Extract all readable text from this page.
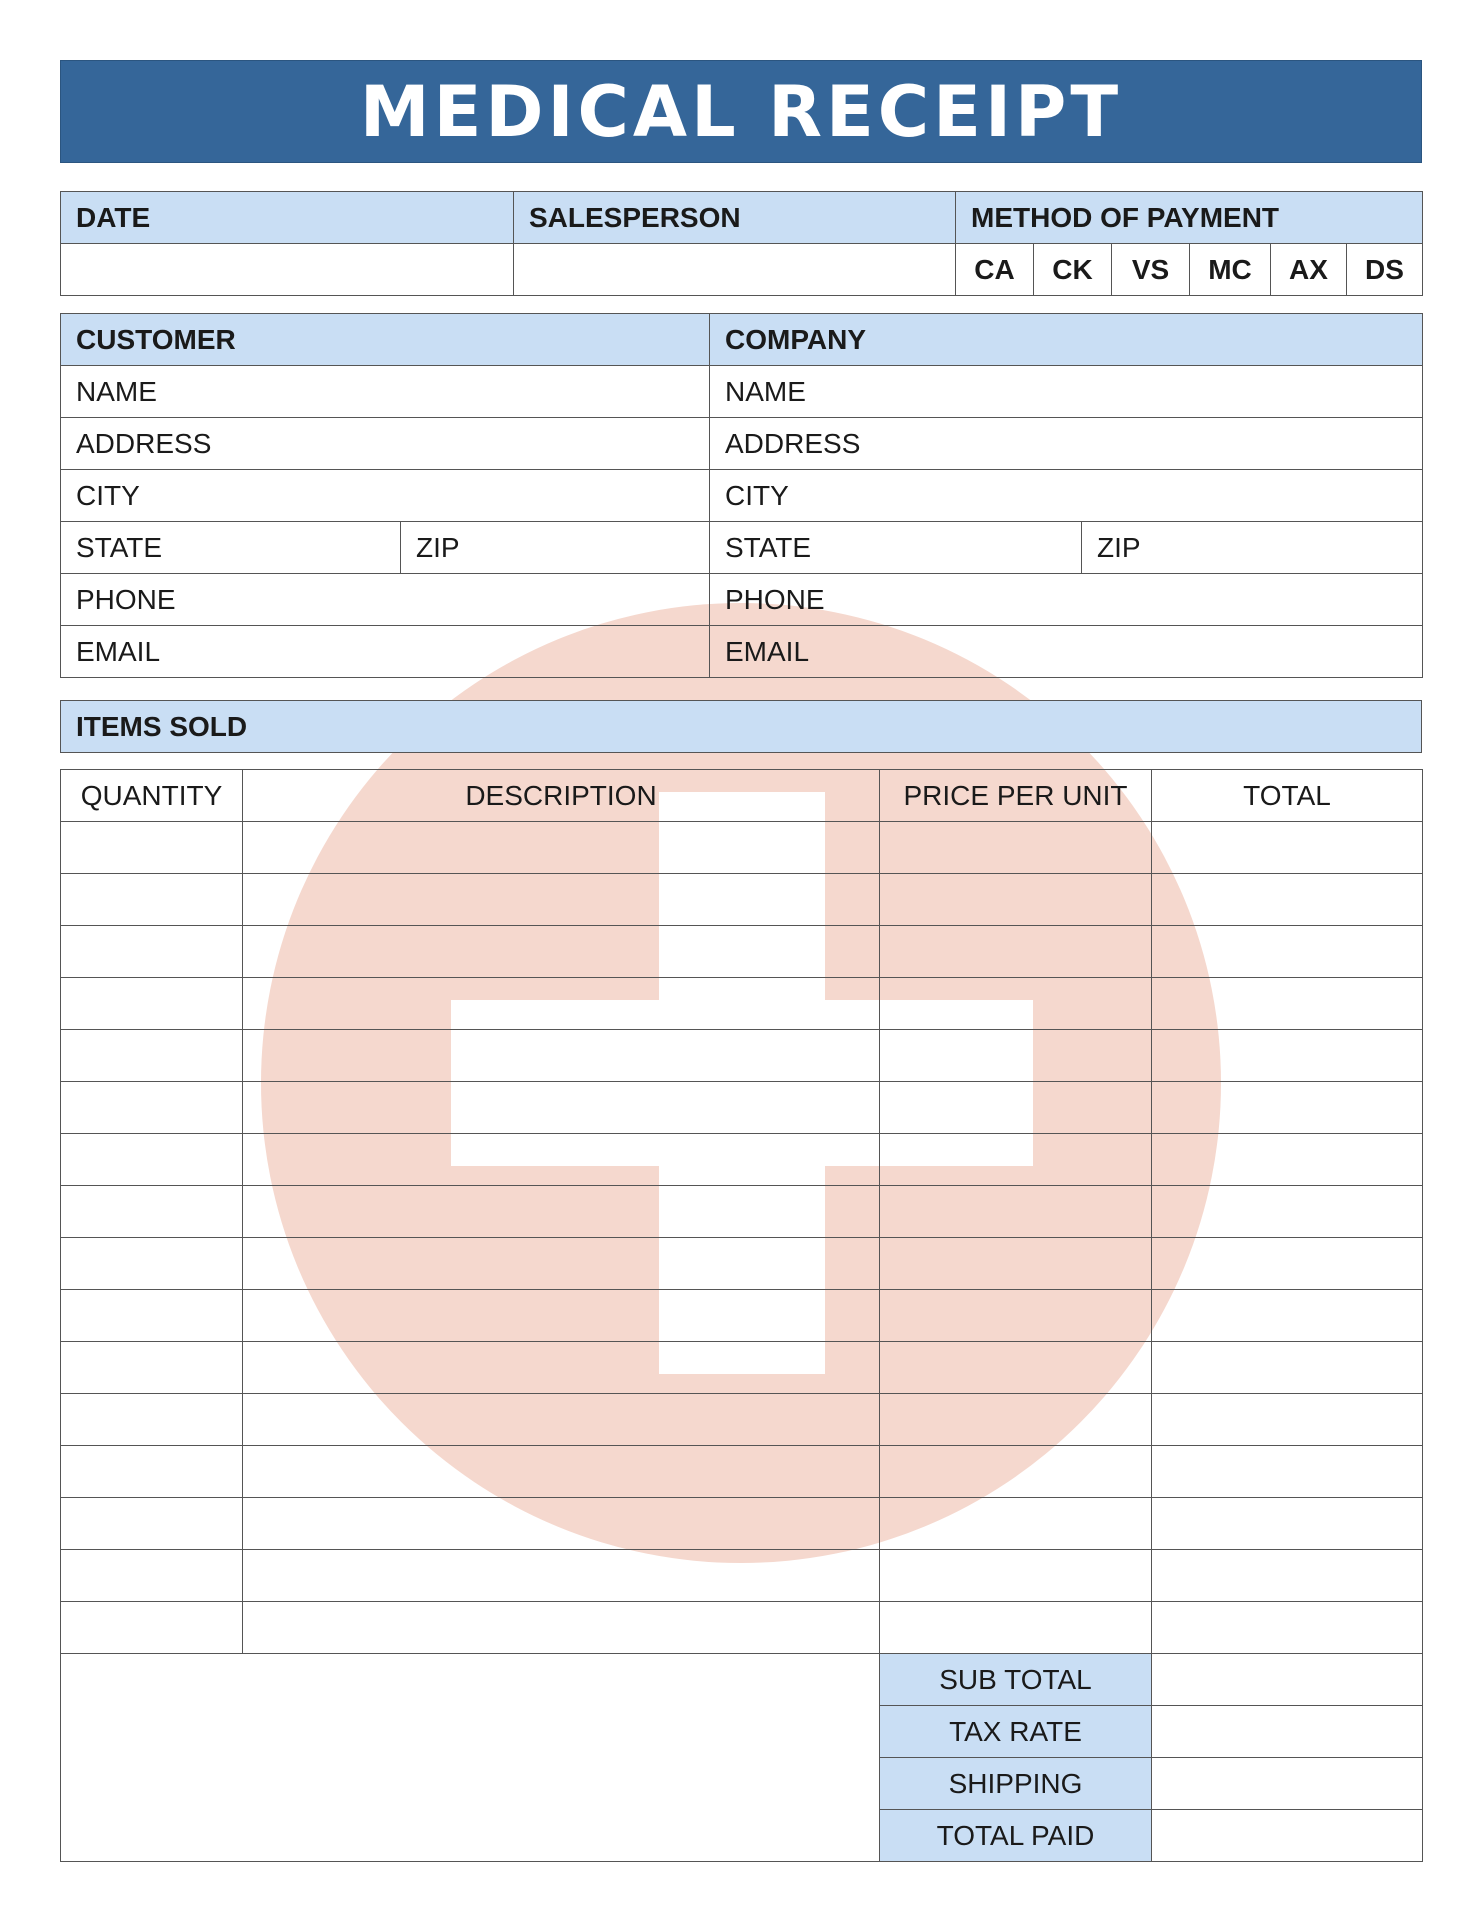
MEDICAL RECEIPT
DATE	SALESPERSON	METHOD OF PAYMENT					
		CA	CK	VS	MC	AX	DS
CUSTOMER		COMPANY	
NAME		NAME	
ADDRESS		ADDRESS	
CITY		CITY	
STATE	ZIP	STATE	ZIP
PHONE		PHONE	
EMAIL		EMAIL	
ITEMS SOLD
QUANTITY	DESCRIPTION	PRICE PER UNIT	TOTAL

		SUB TOTAL	
		TAX RATE	
		SHIPPING	
		TOTAL PAID	
